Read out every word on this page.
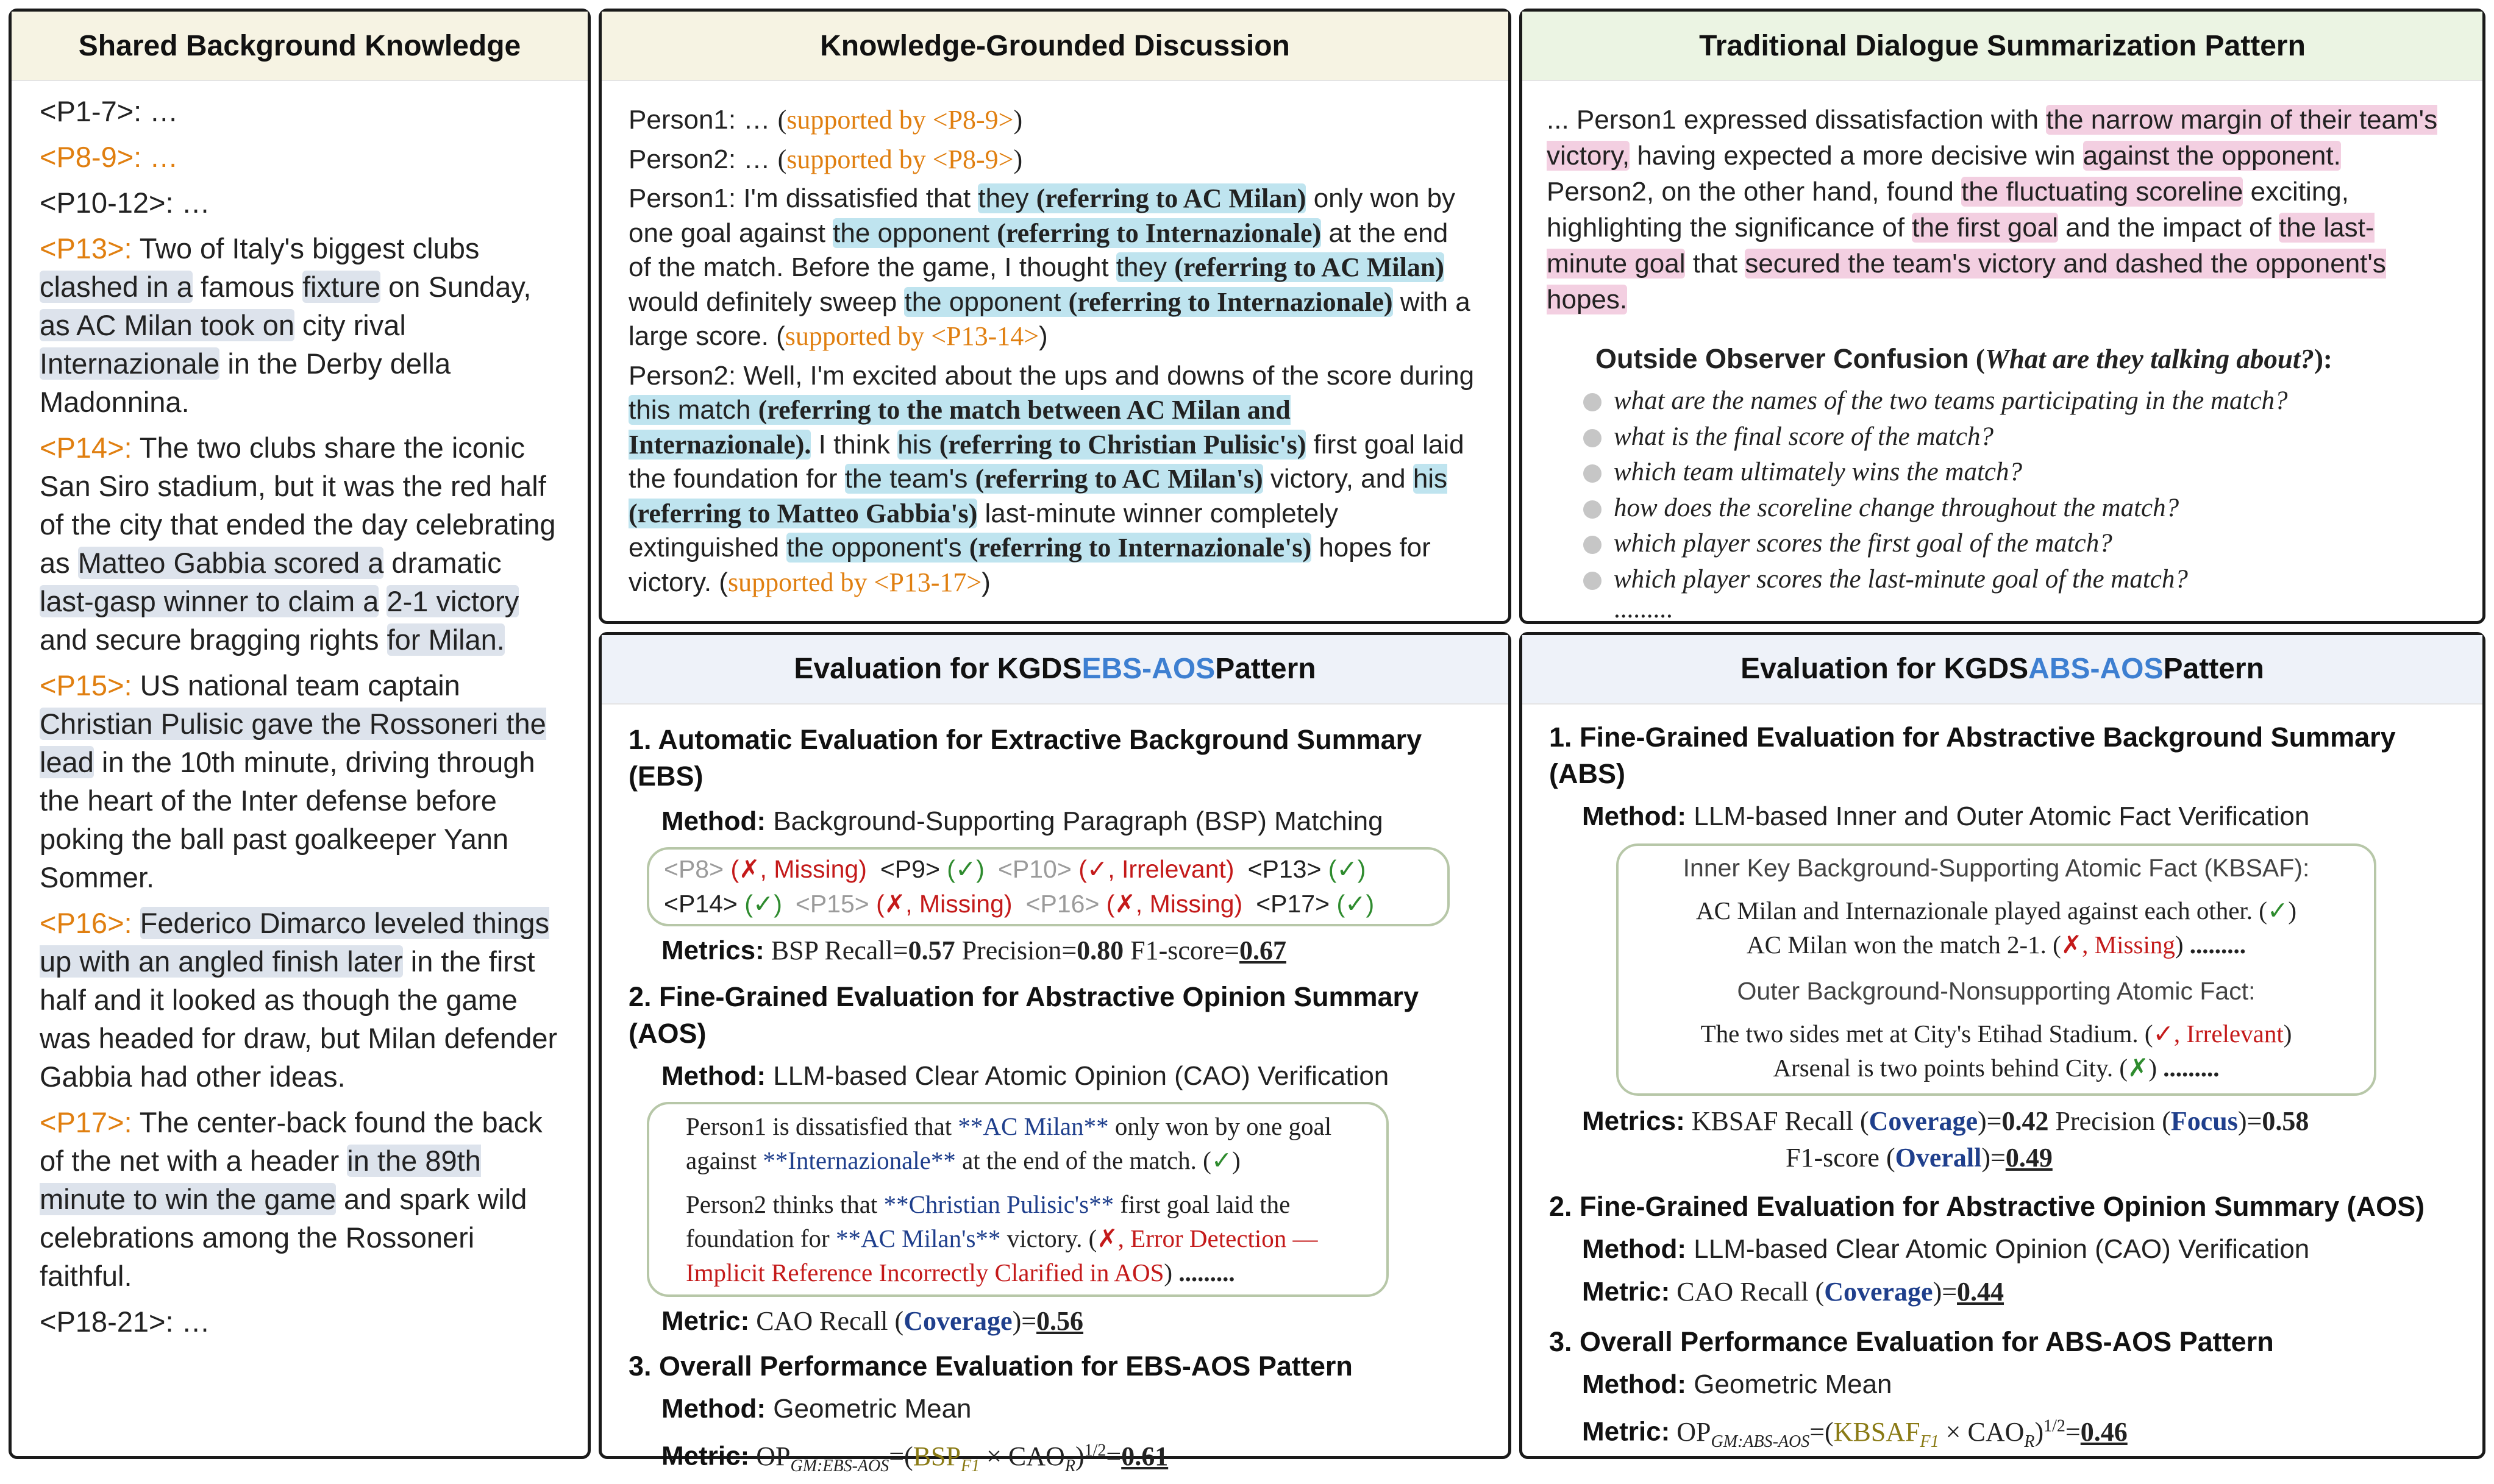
Shared Background Knowledge

<P1-7>: …

<P8-9>: …

<P10-12>: …

<P13>: Two of Italy's biggest clubs clashed in a famous fixture on Sunday, as AC Milan took on city rival Internazionale in the Derby della Madonnina.

<P14>: The two clubs share the iconic San Siro stadium, but it was the red half of the city that ended the day celebrating as Matteo Gabbia scored a dramatic last-gasp winner to claim a 2-1 victory and secure bragging rights for Milan.

<P15>: US national team captain Christian Pulisic gave the Rossoneri the lead in the 10th minute, driving through the heart of the Inter defense before poking the ball past goalkeeper Yann Sommer.

<P16>: Federico Dimarco leveled things up with an angled finish later in the first half and it looked as though the game was headed for draw, but Milan defender Gabbia had other ideas.

<P17>: The center-back found the back of the net with a header in the 89th minute to win the game and spark wild celebrations among the Rossoneri faithful.

<P18-21>: …

Knowledge-Grounded Discussion

Person1: … (supported by <P8-9>)

Person2: … (supported by <P8-9>)

Person1: I'm dissatisfied that they (referring to AC Milan) only won by one goal against the opponent (referring to Internazionale) at the end of the match. Before the game, I thought they (referring to AC Milan) would definitely sweep the opponent (referring to Internazionale) with a large score. (supported by <P13-14>)

Person2: Well, I'm excited about the ups and downs of the score during this match (referring to the match between AC Milan and Internazionale). I think his (referring to Christian Pulisic's) first goal laid the foundation for the team's (referring to AC Milan's) victory, and his (referring to Matteo Gabbia's) last-minute winner completely extinguished the opponent's (referring to Internazionale's) hopes for victory. (supported by <P13-17>)

Traditional Dialogue Summarization Pattern
... Person1 expressed dissatisfaction with the narrow margin of their team's victory, having expected a more decisive win against the opponent. Person2, on the other hand, found the fluctuating scoreline exciting, highlighting the significance of the first goal and the impact of the last-minute goal that secured the team's victory and dashed the opponent's hopes.
Outside Observer Confusion (What are they talking about?):
what are the names of the two teams participating in the match?
what is the final score of the match?
which team ultimately wins the match?
how does the scoreline change throughout the match?
which player scores the first goal of the match?
which player scores the last-minute goal of the match?
.........
Evaluation for KGDS EBS-AOS Pattern
1. Automatic Evaluation for Extractive Background Summary (EBS)
Method: Background-Supporting Paragraph (BSP) Matching
<P8> (✗, Missing) <P9> (✓) <P10> (✓, Irrelevant) <P13> (✓)
<P14> (✓) <P15> (✗, Missing) <P16> (✗, Missing) <P17> (✓)
Metrics: BSP Recall=0.57 Precision=0.80 F1-score=0.67
2. Fine-Grained Evaluation for Abstractive Opinion Summary (AOS)
Method: LLM-based Clear Atomic Opinion (CAO) Verification
Person1 is dissatisfied that **AC Milan** only won by one goal against **Internazionale** at the end of the match. (✓)
Person2 thinks that **Christian Pulisic's** first goal laid the foundation for **AC Milan's** victory. (✗, Error Detection — Implicit Reference Incorrectly Clarified in AOS) .........
Metric: CAO Recall (Coverage)=0.56
3. Overall Performance Evaluation for EBS-AOS Pattern
Method: Geometric Mean
Metric: $OP_{GM:EBS-AOS}=(BSP_{F1} \times CAO_R)^{1/2}=0.61$
Evaluation for KGDS ABS-AOS Pattern
1. Fine-Grained Evaluation for Abstractive Background Summary (ABS)
Method: LLM-based Inner and Outer Atomic Fact Verification
Inner Key Background-Supporting Atomic Fact (KBSAF):
AC Milan and Internazionale played against each other. (✓)
AC Milan won the match 2-1. (✗, Missing) .........
Outer Background-Nonsupporting Atomic Fact:
The two sides met at City's Etihad Stadium. (✓, Irrelevant)
Arsenal is two points behind City. (✗) .........
Metrics: KBSAF Recall (Coverage)=0.42 Precision (Focus)=0.58
F1-score (Overall)=0.49
2. Fine-Grained Evaluation for Abstractive Opinion Summary (AOS)
Method: LLM-based Clear Atomic Opinion (CAO) Verification
Metric: CAO Recall (Coverage)=0.44
3. Overall Performance Evaluation for ABS-AOS Pattern
Method: Geometric Mean
Metric: $OP_{GM:ABS-AOS}=(KBSAF_{F1} \times CAO_R)^{1/2}=0.46$
